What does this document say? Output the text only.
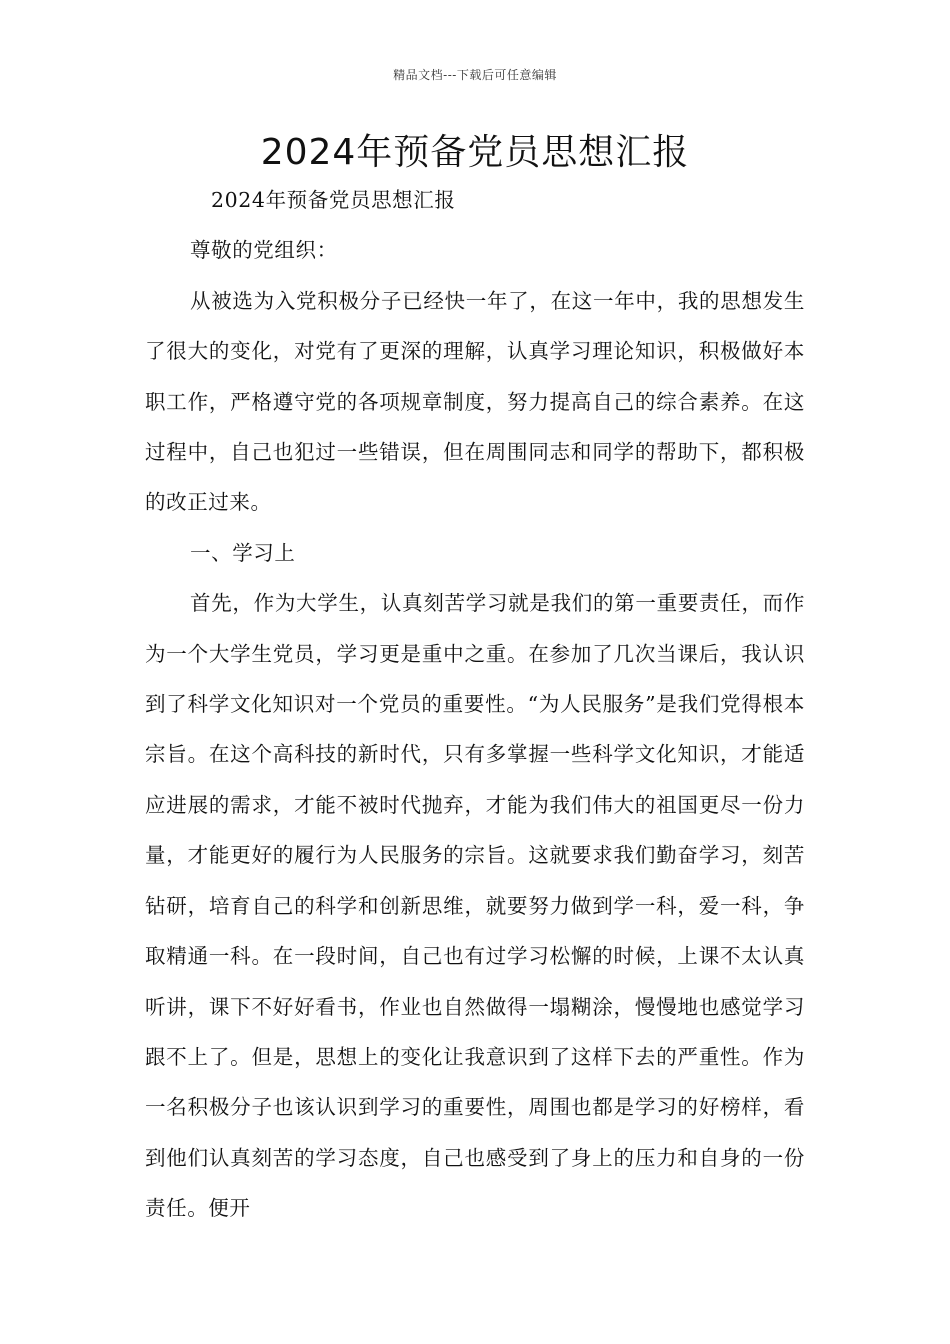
精品文档---下载后可任意编辑
2024年预备党员思想汇报

2024年预备党员思想汇报

尊敬的党组织：

从被选为入党积极分子已经快一年了，在这一年中，我的思想发生了很大的变化，对党有了更深的理解，认真学习理论知识，积极做好本职工作，严格遵守党的各项规章制度，努力提高自己的综合素养。在这过程中，自己也犯过一些错误，但在周围同志和同学的帮助下，都积极的改正过来。

一、学习上

首先，作为大学生，认真刻苦学习就是我们的第一重要责任，而作为一个大学生党员，学习更是重中之重。在参加了几次当课后，我认识到了科学文化知识对一个党员的重要性。“为人民服务”是我们党得根本宗旨。在这个高科技的新时代，只有多掌握一些科学文化知识，才能适应进展的需求，才能不被时代抛弃，才能为我们伟大的祖国更尽一份力量，才能更好的履行为人民服务的宗旨。这就要求我们勤奋学习，刻苦钻研，培育自己的科学和创新思维，就要努力做到学一科，爱一科，争取精通一科。在一段时间，自己也有过学习松懈的时候，上课不太认真听讲，课下不好好看书，作业也自然做得一塌糊涂，慢慢地也感觉学习跟不上了。但是，思想上的变化让我意识到了这样下去的严重性。作为一名积极分子也该认识到学习的重要性，周围也都是学习的好榜样，看到他们认真刻苦的学习态度，自己也感受到了身上的压力和自身的一份责任。便开
